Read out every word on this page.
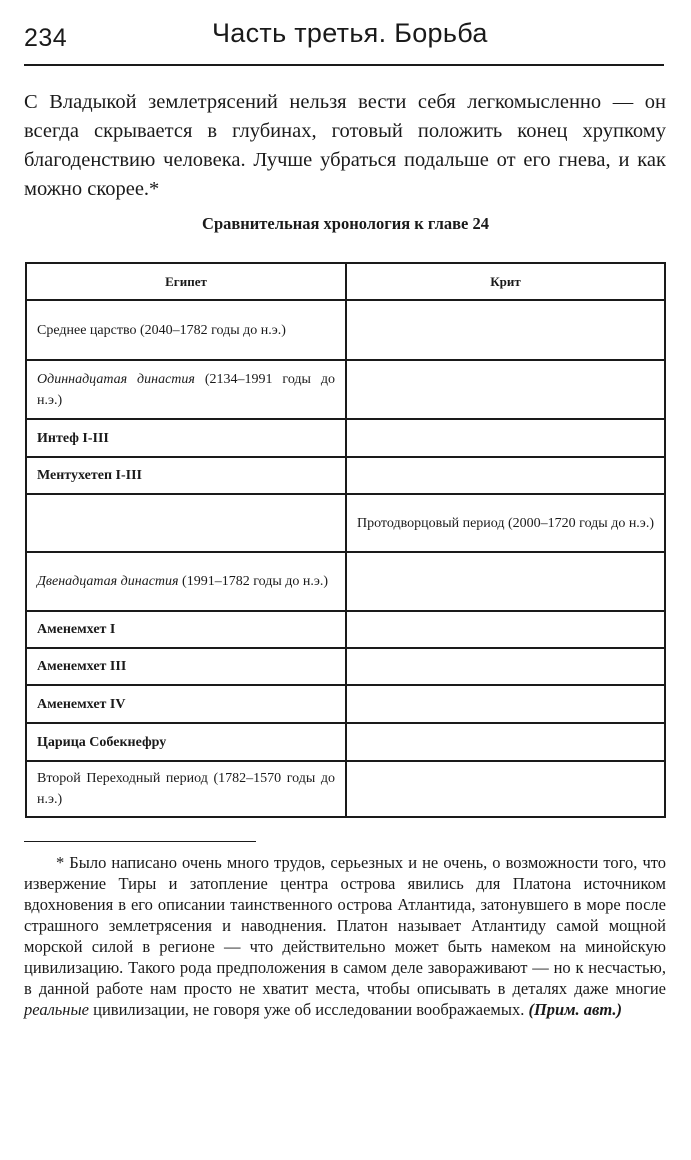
234	Часть третья. Борьба

С Владыкой землетрясений нельзя вести себя легкомысленно — он всегда скрывается в глубинах, готовый положить конец хрупкому благоденствию человека. Лучше убраться подальше от его гнева, и как можно скорее.*

Сравнительная хронология к главе 24
Египет	Крит

Среднее царство (2040–1782 годы до н.э.)	

Одиннадцатая династия (2134–1991 годы до н.э.)	

Интеф I-III	

Ментухетеп I-III	

	Протодворцовый период (2000–1720 годы до н.э.)

Двенадцатая династия (1991–1782 годы до н.э.)	

Аменемхет I	

Аменемхет III	

Аменемхет IV	

Царица Собекнефру	

Второй Переходный период (1782–1570 годы до н.э.)	

* Было написано очень много трудов, серьезных и не очень, о возможности того, что извержение Тиры и затопление центра острова явились для Платона источником вдохновения в его описании таинственного острова Атлантида, затонувшего в море после страшного землетрясения и наводнения. Платон называет Атлантиду самой мощной морской силой в регионе — что действительно может быть намеком на минойскую цивилизацию. Такого рода предположения в самом деле завораживают — но к несчастью, в данной работе нам просто не хватит места, чтобы описывать в деталях даже многие реальные цивилизации, не говоря уже об исследовании воображаемых. (Прим. авт.)
